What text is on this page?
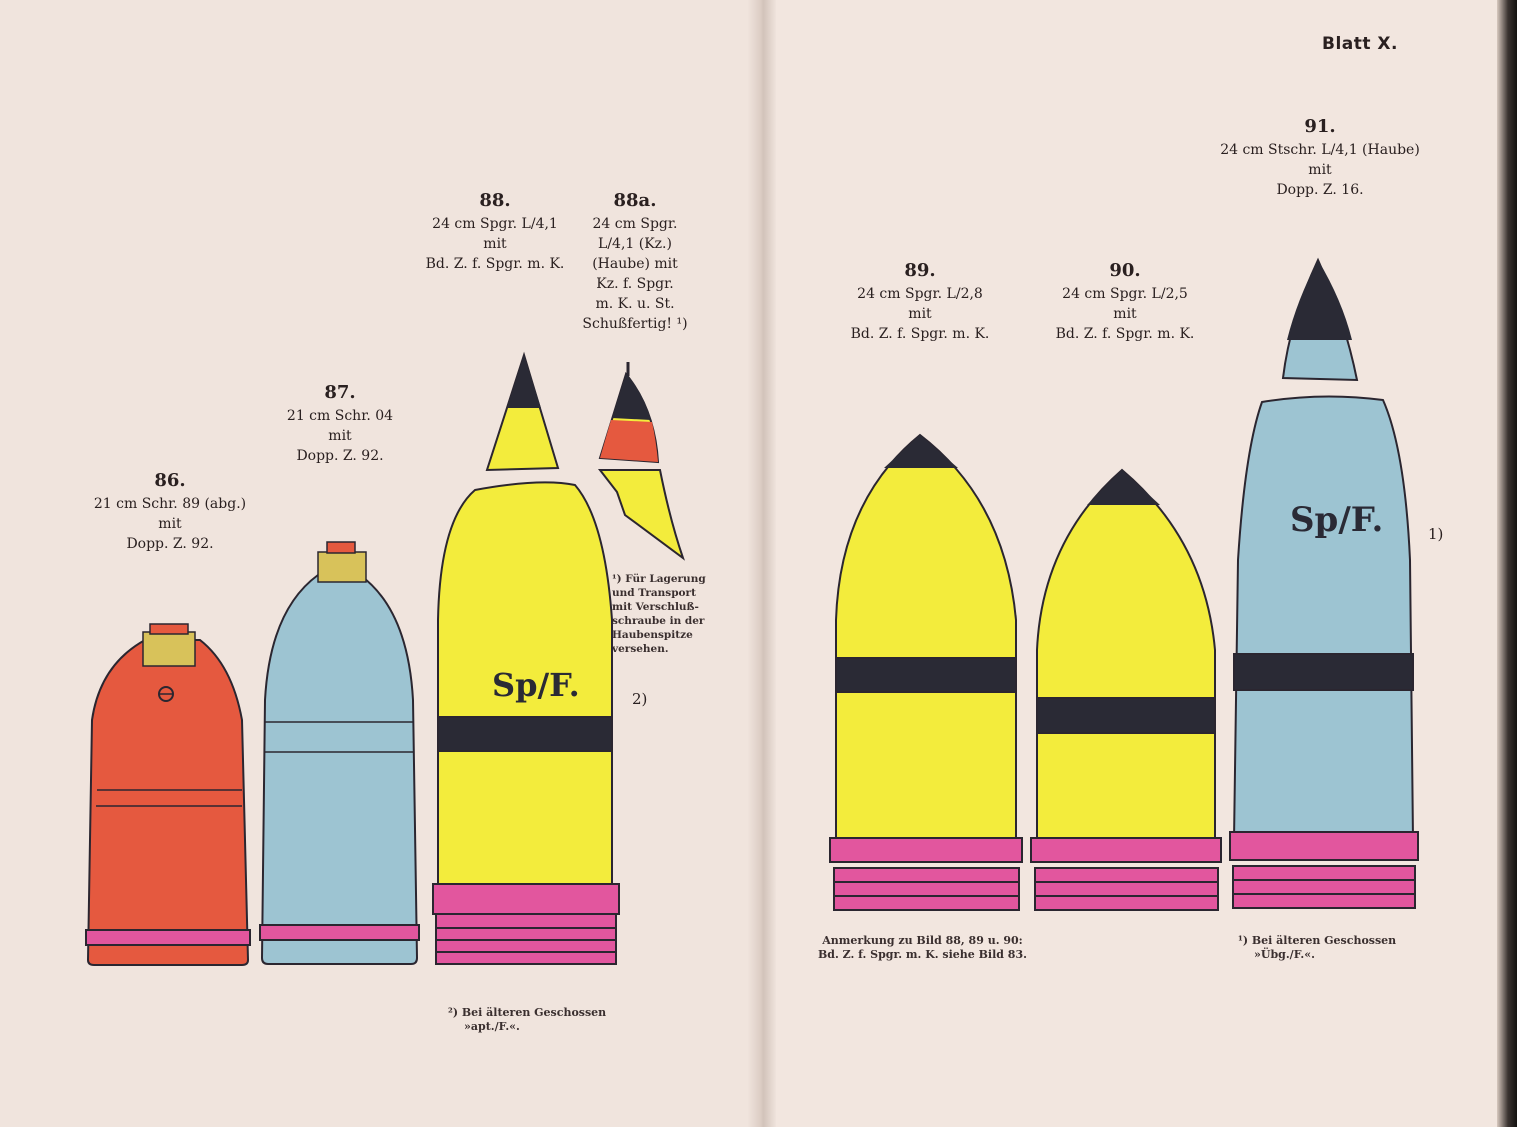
Blatt X.
86.
21 cm Schr. 89 (abg.)
mit
Dopp. Z. 92.
87.
21 cm Schr. 04
mit
Dopp. Z. 92.
88.
24 cm Spgr. L/4,1
mit
Bd. Z. f. Spgr. m. K.
88a.
24 cm Spgr.
L/4,1 (Kz.)
(Haube) mit
Kz. f. Spgr.
m. K. u. St.
Schußfertig! ¹)
89.
24 cm Spgr. L/2,8
mit
Bd. Z. f. Spgr. m. K.
90.
24 cm Spgr. L/2,5
mit
Bd. Z. f. Spgr. m. K.
91.
24 cm Stschr. L/4,1 (Haube)
mit
Dopp. Z. 16.
Sp/F.
Sp/F.
2)
1)
¹) Für Lagerung
und Transport
mit Verschluß-
schraube in der
Haubenspitze
versehen.
²) Bei älteren Geschossen
»apt./F.«.
Anmerkung zu Bild 88, 89 u. 90:
Bd. Z. f. Spgr. m. K. siehe Bild 83.
¹) Bei älteren Geschossen
»Übg./F.«.
